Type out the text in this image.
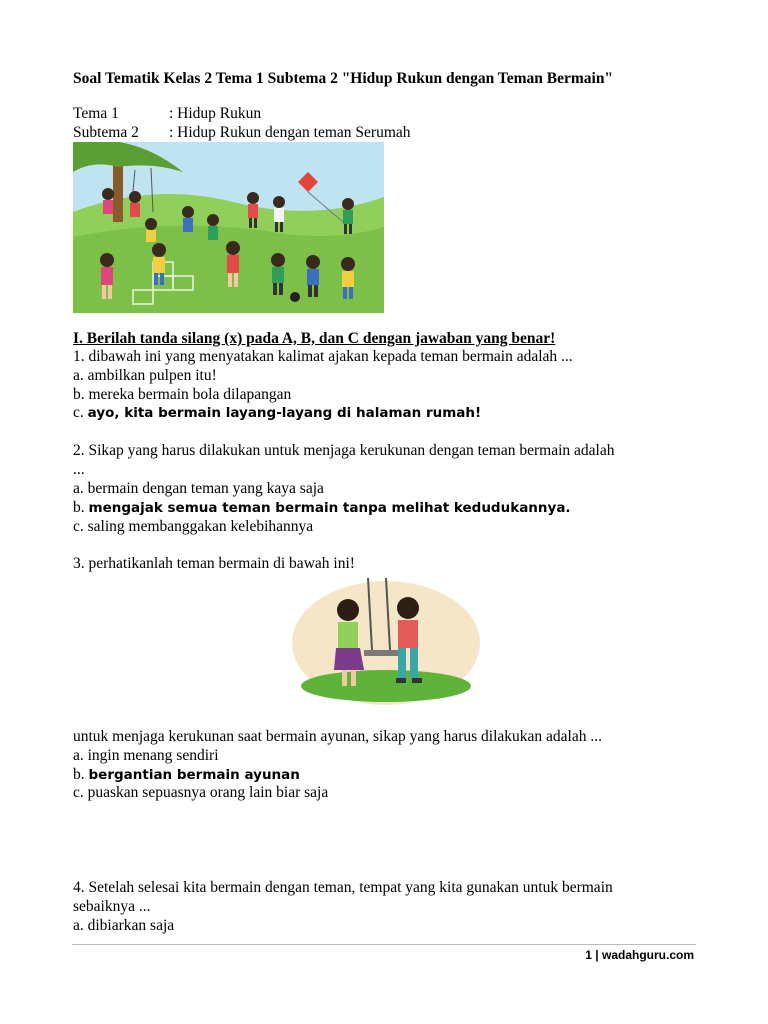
Soal Tematik Kelas 2 Tema 1 Subtema 2 "Hidup Rukun dengan Teman Bermain"
Tema 1	: Hidup Rukun
Subtema 2 : Hidup Rukun dengan teman Serumah
I. Berilah tanda silang (x) pada A, B, dan C dengan jawaban yang benar!
1. dibawah ini yang menyatakan kalimat ajakan kepada teman bermain adalah ...
a. ambilkan pulpen itu!
b. mereka bermain bola dilapangan
c. ayo, kita bermain layang-layang di halaman rumah!
2. Sikap yang harus dilakukan untuk menjaga kerukunan dengan teman bermain adalah
...
a. bermain dengan teman yang kaya saja
b. mengajak semua teman bermain tanpa melihat kedudukannya.
c. saling membanggakan kelebihannya
3. perhatikanlah teman bermain di bawah ini!
untuk menjaga kerukunan saat bermain ayunan, sikap yang harus dilakukan adalah ...
a. ingin menang sendiri
b. bergantian bermain ayunan
c. puaskan sepuasnya orang lain biar saja
4. Setelah selesai kita bermain dengan teman, tempat yang kita gunakan untuk bermain
sebaiknya ...
a. dibiarkan saja
1 | wadahguru.com
